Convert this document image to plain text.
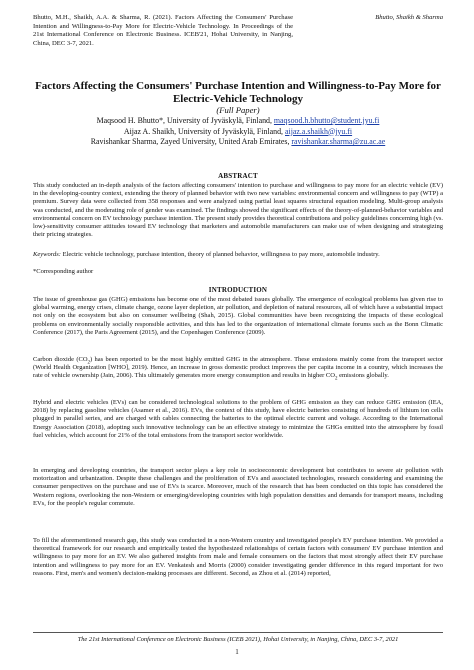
Bhutto, M.H., Shaikh, A.A. & Sharma, R. (2021). Factors Affecting the Consumers' Purchase Intention and Willingness-to-Pay More for Electric-Vehicle Technology. In Proceedings of the 21st International Conference on Electronic Business. ICEB'21, Hohai University, in Nanjing, China, DEC 3-7, 2021.
Bhutto, Shaikh & Sharma
Factors Affecting the Consumers' Purchase Intention and Willingness-to-Pay More for Electric-Vehicle Technology
(Full Paper)
Maqsood H. Bhutto*, University of Jyväskylä, Finland, maqsood.h.bhutto@student.jyu.fi
Aijaz A. Shaikh, University of Jyväskylä, Finland, aijaz.a.shaikh@jyu.fi
Ravishankar Sharma, Zayed University, United Arab Emirates, ravishankar.sharma@zu.ac.ae
ABSTRACT

This study conducted an in-depth analysis of the factors affecting consumers' intention to purchase and willingness to pay more for an electric vehicle (EV) in the developing-country context, extending the theory of planned behavior with two new variables: environmental concern and willingness to pay (WTP) a premium. Survey data were collected from 358 responses and were analyzed using partial least squares structural equation modeling. Multi-group analysis was conducted, and the moderating role of gender was examined. The findings showed the significant effects of the theory-of-planned-behavior variables and environmental concern on EV technology purchase intention. The present study provides theoretical contributions and policy guidelines concerning high (vs. low)-sensitivity consumer attitudes toward EV technology that marketers and automobile manufacturers can make use of when designing and strategizing their pricing strategies.

Keywords: Electric vehicle technology, purchase intention, theory of planned behavior, willingness to pay more, automobile industry.

*Corresponding author

INTRODUCTION

The issue of greenhouse gas (GHG) emissions has become one of the most debated issues globally. The emergence of ecological problems has given rise to global warming, energy crises, climate change, ozone layer depletion, air pollution, and depletion of natural resources, all of which have a substantial impact not only on the ecosystem but also on consumer wellbeing (Shah, 2015). Global communities have been recognizing the impacts of these ecological problems on environmentally socially responsible activities, and this has led to the organization of international climate forums such as the Bonn Climatic Conference (2017), the Paris Agreement (2015), and the Copenhagen Conference (2009).

Carbon dioxide $(CO_2)$ has been reported to be the most highly emitted GHG in the atmosphere. These emissions mainly come from the transport sector (World Health Organization [WHO], 2019). Hence, an increase in gross domestic product improves the per capita income in a country, which increases the rate of vehicle ownership (Jain, 2006). This ultimately generates more energy consumption and results in higher $CO_2$ emissions globally.

Hybrid and electric vehicles (EVs) can be considered technological solutions to the problem of GHG emission as they can reduce GHG emission (IEA, 2018) by replacing gasoline vehicles (Asamer et al., 2016). EVs, the context of this study, have electric batteries consisting of hundreds of lithium ion cells plugged in parallel series, and are charged with cables connecting the batteries to the optimal electric current and voltage. According to the International Energy Association (2018), adopting such innovative technology can be an effective strategy to minimize the GHGs emitted into the atmosphere by fossil fuel vehicles, which account for 21% of the total emissions from the transport sector worldwide.

In emerging and developing countries, the transport sector plays a key role in socioeconomic development but contributes to severe air pollution with motorization and urbanization. Despite these challenges and the proliferation of EVs and associated technologies, research considering and examining the consumer perspectives on the purchase and use of EVs is scarce. Moreover, much of the research that has been conducted on this topic has considered the Western regions, overlooking the non-Western or emerging/developing countries with high population densities and demands for transport means, including EVs, for the people's regular commute.

To fill the aforementioned research gap, this study was conducted in a non-Western country and investigated people's EV purchase intention. We provided a theoretical framework for our research and empirically tested the hypothesized relationships of certain factors with consumers' EV purchase intention and willingness to pay more for an EV. We also gathered insights from male and female consumers on the factors that most strongly affect their EV purchase intention and willingness to pay more for an EV. Venkatesh and Morris (2000) consider investigating gender difference in this regard important for two reasons. First, men's and women's decision-making processes are different. Second, as Zhou et al. (2014) reported,

The 21st International Conference on Electronic Business (ICEB 2021), Hohai University, in Nanjing, China, DEC 3-7, 2021
1
